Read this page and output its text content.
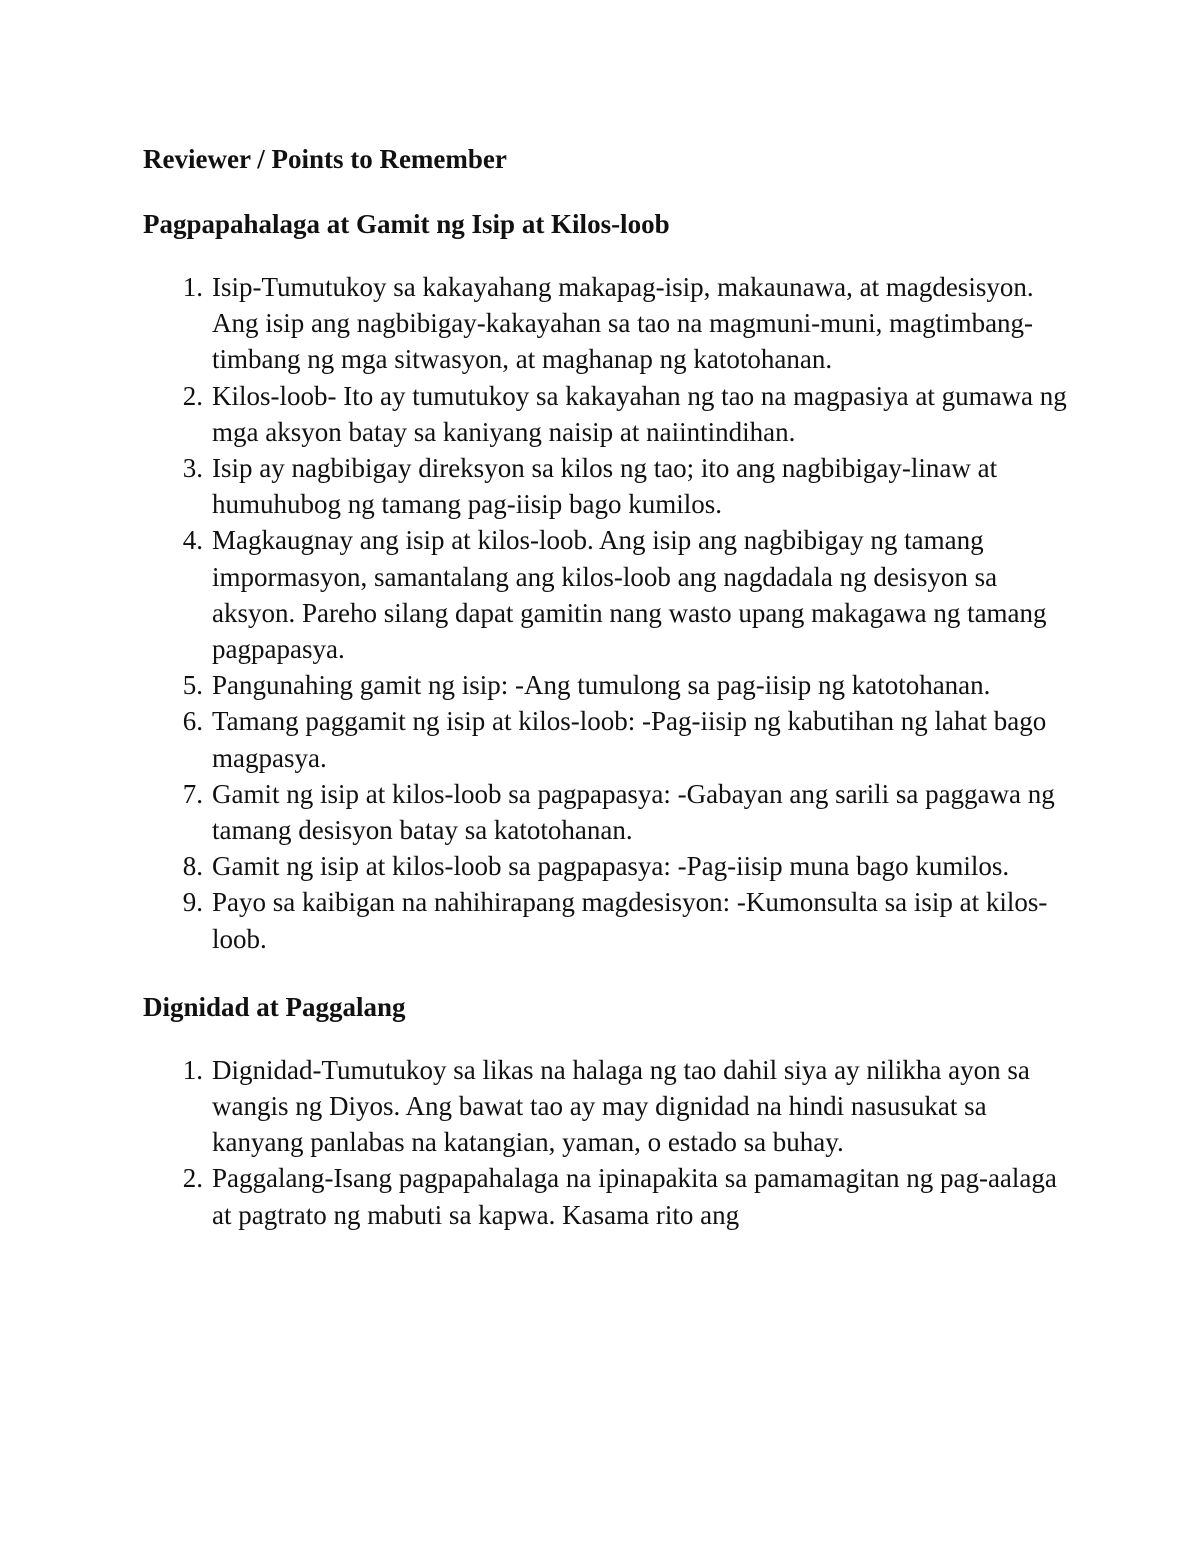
Reviewer / Points to Remember
Pagpapahalaga at Gamit ng Isip at Kilos-loob
1. Isip-Tumutukoy sa kakayahang makapag-isip, makaunawa, at magdesisyon. Ang isip ang nagbibigay-kakayahan sa tao na magmuni-muni, magtimbang-timbang ng mga sitwasyon, at maghanap ng katotohanan.
2. Kilos-loob- Ito ay tumutukoy sa kakayahan ng tao na magpasiya at gumawa ng mga aksyon batay sa kaniyang naisip at naiintindihan.
3. Isip ay nagbibigay direksyon sa kilos ng tao; ito ang nagbibigay-linaw at humuhubog ng tamang pag-iisip bago kumilos.
4. Magkaugnay ang isip at kilos-loob. Ang isip ang nagbibigay ng tamang impormasyon, samantalang ang kilos-loob ang nagdadala ng desisyon sa aksyon. Pareho silang dapat gamitin nang wasto upang makagawa ng tamang pagpapasya.
5. Pangunahing gamit ng isip: -Ang tumulong sa pag-iisip ng katotohanan.
6. Tamang paggamit ng isip at kilos-loob: -Pag-iisip ng kabutihan ng lahat bago magpasya.
7. Gamit ng isip at kilos-loob sa pagpapasya: -Gabayan ang sarili sa paggawa ng tamang desisyon batay sa katotohanan.
8. Gamit ng isip at kilos-loob sa pagpapasya: -Pag-iisip muna bago kumilos.
9. Payo sa kaibigan na nahihirapang magdesisyon: -Kumonsulta sa isip at kilos-loob.
Dignidad at Paggalang
1. Dignidad-Tumutukoy sa likas na halaga ng tao dahil siya ay nilikha ayon sa wangis ng Diyos. Ang bawat tao ay may dignidad na hindi nasusukat sa kanyang panlabas na katangian, yaman, o estado sa buhay.
2. Paggalang-Isang pagpapahalaga na ipinapakita sa pamamagitan ng pag-aalaga at pagtrato ng mabuti sa kapwa. Kasama rito ang
